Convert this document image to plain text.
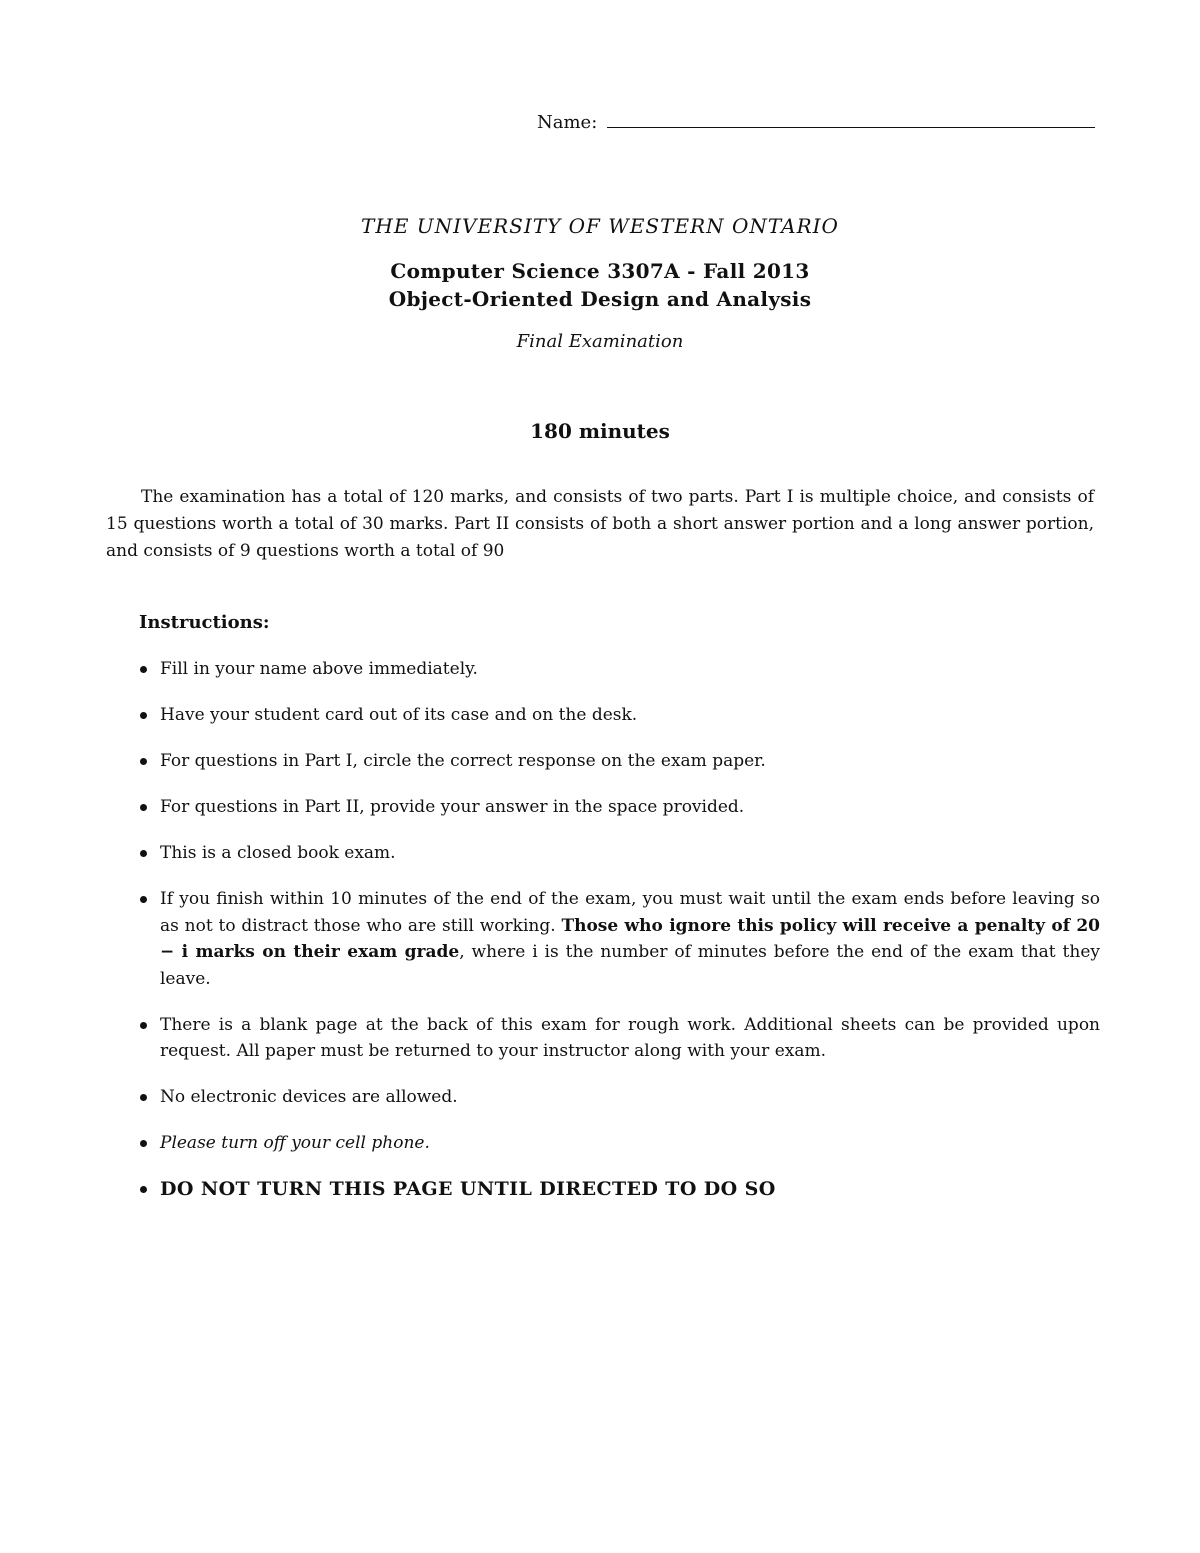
Name:
THE UNIVERSITY OF WESTERN ONTARIO
Computer Science 3307A - Fall 2013
Object-Oriented Design and Analysis
Final Examination
180 minutes

The examination has a total of 120 marks, and consists of two parts. Part I is multiple choice, and consists of 15 questions worth a total of 30 marks. Part II consists of both a short answer portion and a long answer portion, and consists of 9 questions worth a total of 90

Instructions:
Fill in your name above immediately.
Have your student card out of its case and on the desk.
For questions in Part I, circle the correct response on the exam paper.
For questions in Part II, provide your answer in the space provided.
This is a closed book exam.
If you finish within 10 minutes of the end of the exam, you must wait until the exam ends before leaving so as not to distract those who are still working. Those who ignore this policy will receive a penalty of 20 − i marks on their exam grade, where i is the number of minutes before the end of the exam that they leave.
There is a blank page at the back of this exam for rough work. Additional sheets can be provided upon request. All paper must be returned to your instructor along with your exam.
No electronic devices are allowed.
Please turn off your cell phone.
DO NOT TURN THIS PAGE UNTIL DIRECTED TO DO SO
